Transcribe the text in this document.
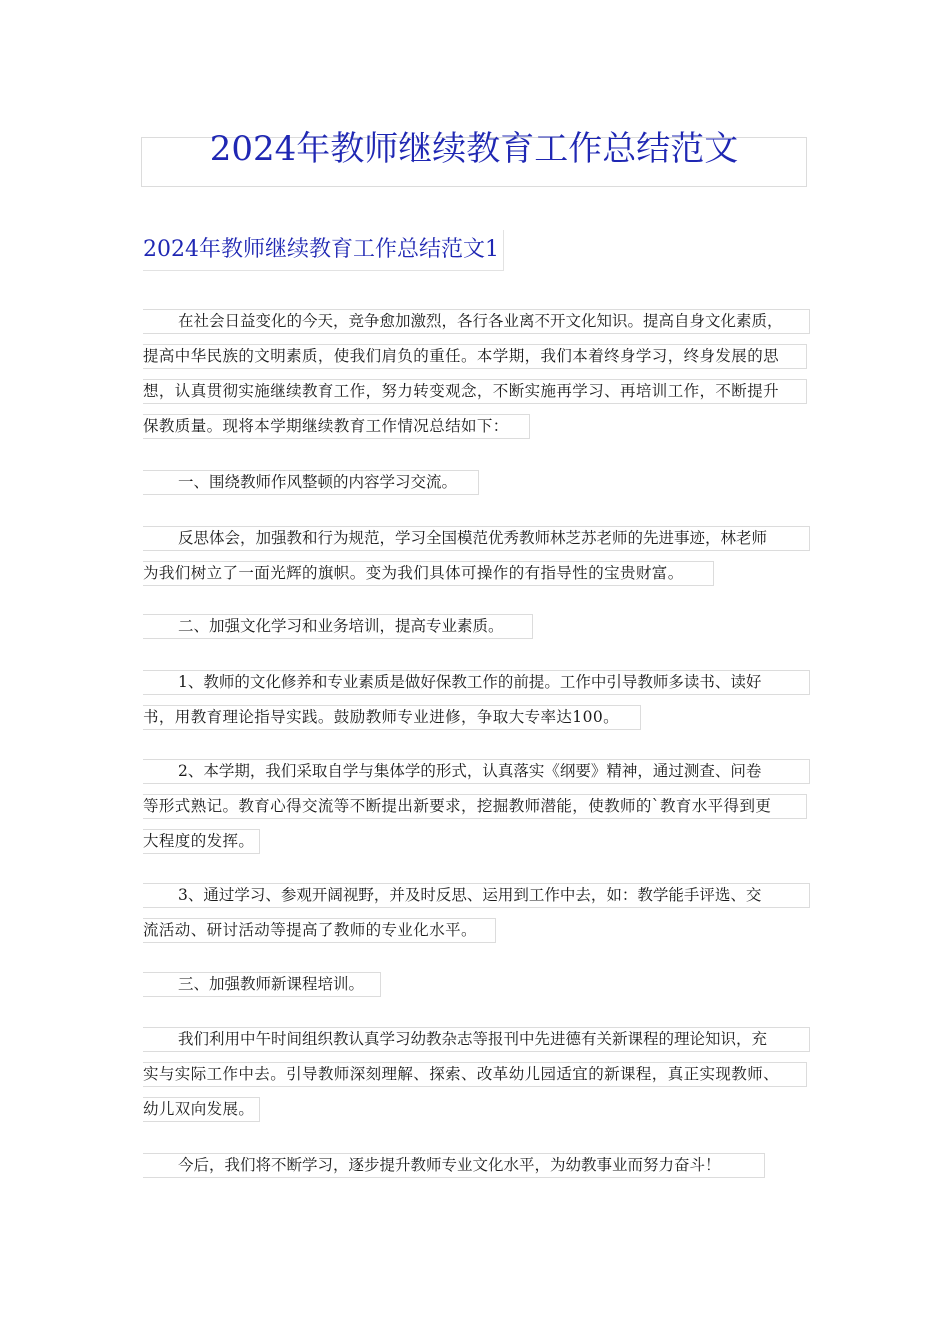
2024年教师继续教育工作总结范文
2024年教师继续教育工作总结范文1

在社会日益变化的今天，竞争愈加激烈，各行各业离不开文化知识。提高自身文化素质，

提高中华民族的文明素质，使我们肩负的重任。本学期，我们本着终身学习，终身发展的思

想，认真贯彻实施继续教育工作，努力转变观念，不断实施再学习、再培训工作，不断提升

保教质量。现将本学期继续教育工作情况总结如下：

一、围绕教师作风整顿的内容学习交流。

反思体会，加强教和行为规范，学习全国模范优秀教师林芝苏老师的先进事迹，林老师

为我们树立了一面光辉的旗帜。变为我们具体可操作的有指导性的宝贵财富。

二、加强文化学习和业务培训，提高专业素质。

1、教师的文化修养和专业素质是做好保教工作的前提。工作中引导教师多读书、读好

书，用教育理论指导实践。鼓励教师专业进修，争取大专率达100。

2、本学期，我们采取自学与集体学的形式，认真落实《纲要》精神，通过测查、问卷

等形式熟记。教育心得交流等不断提出新要求，挖掘教师潜能，使教师的`教育水平得到更

大程度的发挥。

3、通过学习、参观开阔视野，并及时反思、运用到工作中去，如：教学能手评选、交

流活动、研讨活动等提高了教师的专业化水平。

三、加强教师新课程培训。

我们利用中午时间组织教认真学习幼教杂志等报刊中先进德有关新课程的理论知识，充

实与实际工作中去。引导教师深刻理解、探索、改革幼儿园适宜的新课程，真正实现教师、

幼儿双向发展。

今后，我们将不断学习，逐步提升教师专业文化水平，为幼教事业而努力奋斗！
